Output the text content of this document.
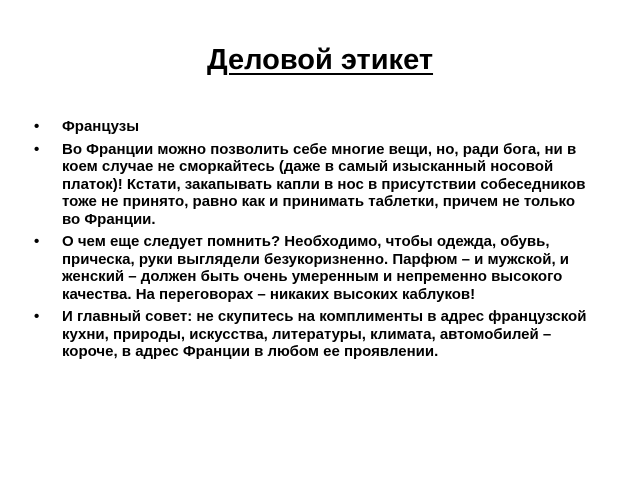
Деловой этикет
• Французы
• Во Франции можно позволить себе многие вещи, но, ради бога, ни в коем случае не сморкайтесь (даже в самый изысканный носовой платок)! Кстати, закапывать капли в нос в присутствии собеседников тоже не принято, равно как и принимать таблетки, причем не только во Франции.
• О чем еще следует помнить? Необходимо, чтобы одежда, обувь, прическа, руки выглядели безукоризненно. Парфюм – и мужской, и женский – должен быть очень умеренным и непременно высокого качества. На переговорах – никаких высоких каблуков!
• И главный совет: не скупитесь на комплименты в адрес французской кухни, природы, искусства, литературы, климата, автомобилей – короче, в адрес Франции в любом ее проявлении.
